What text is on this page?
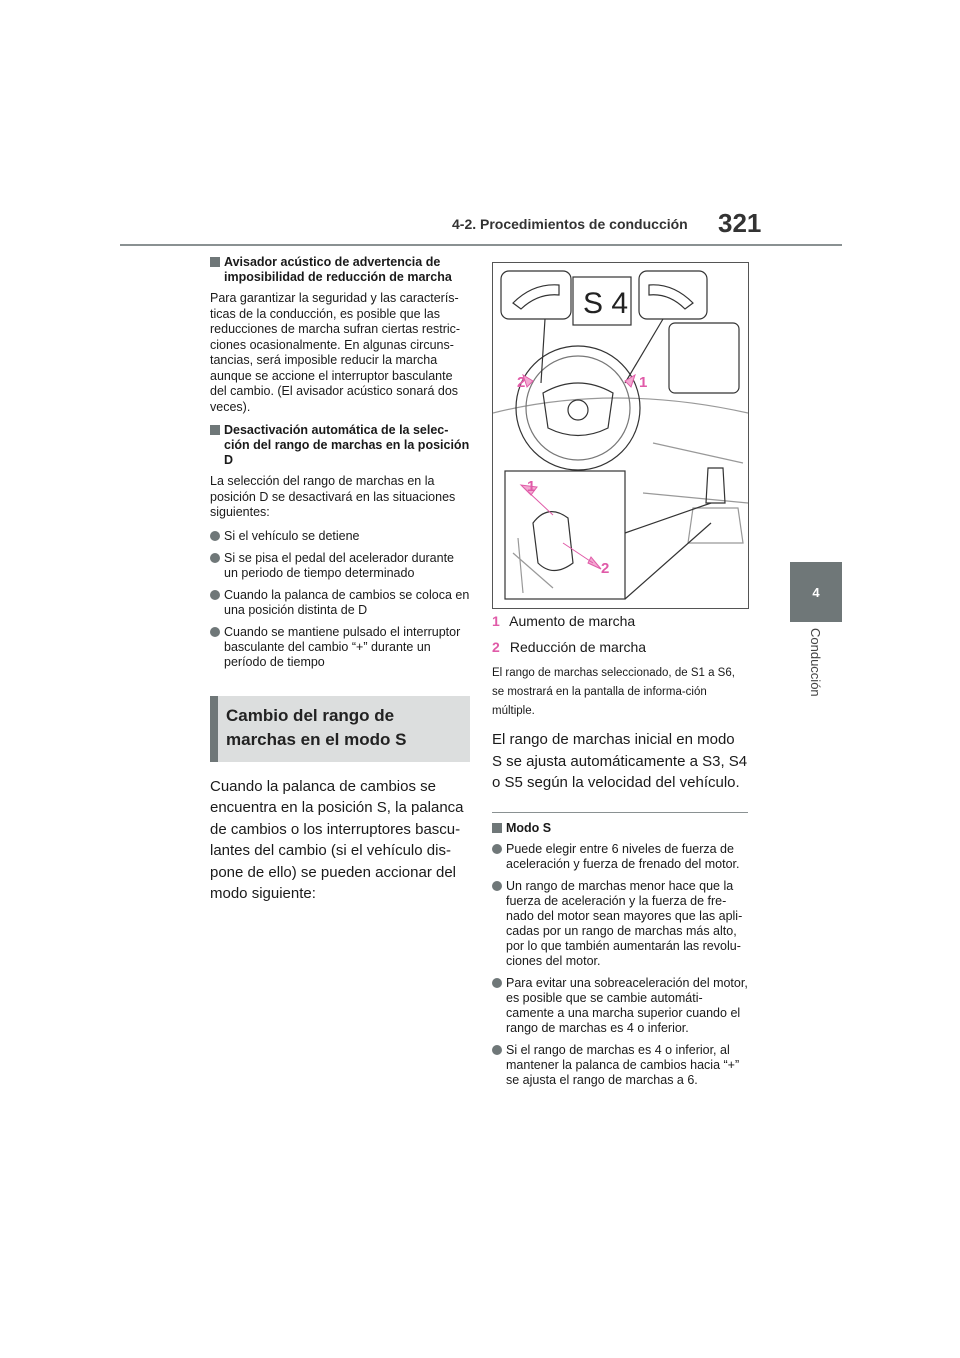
4-2. Procedimientos de conducción 321
4
Conducción
Avisador acústico de advertencia de imposibilidad de reducción de marcha
Para garantizar la seguridad y las caracterís-ticas de la conducción, es posible que las reducciones de marcha sufran ciertas restric-ciones ocasionalmente. En algunas circuns-tancias, será imposible reducir la marcha aunque se accione el interruptor basculante del cambio. (El avisador acústico sonará dos veces).
Desactivación automática de la selec-ción del rango de marchas en la posición D
La selección del rango de marchas en la posición D se desactivará en las situaciones siguientes:
Si el vehículo se detiene
Si se pisa el pedal del acelerador durante un periodo de tiempo determinado
Cuando la palanca de cambios se coloca en una posición distinta de D
Cuando se mantiene pulsado el interruptor basculante del cambio “+” durante un período de tiempo
Cambio del rango de marchas en el modo S
Cuando la palanca de cambios se encuentra en la posición S, la palanca de cambios o los interruptores bascu-lantes del cambio (si el vehículo dis-pone de ello) se pueden accionar del modo siguiente:
S 4
2	1
1
2
1 Aumento de marcha
2 Reducción de marcha
El rango de marchas seleccionado, de S1 a S6, se mostrará en la pantalla de informa-ción múltiple.
El rango de marchas inicial en modo S se ajusta automáticamente a S3, S4 o S5 según la velocidad del vehículo.
Modo S
Puede elegir entre 6 niveles de fuerza de aceleración y fuerza de frenado del motor.
Un rango de marchas menor hace que la fuerza de aceleración y la fuerza de fre-nado del motor sean mayores que las apli-cadas por un rango de marchas más alto, por lo que también aumentarán las revolu-ciones del motor.
Para evitar una sobreaceleración del motor, es posible que se cambie automáti-camente a una marcha superior cuando el rango de marchas es 4 o inferior.
Si el rango de marchas es 4 o inferior, al mantener la palanca de cambios hacia “+” se ajusta el rango de marchas a 6.
